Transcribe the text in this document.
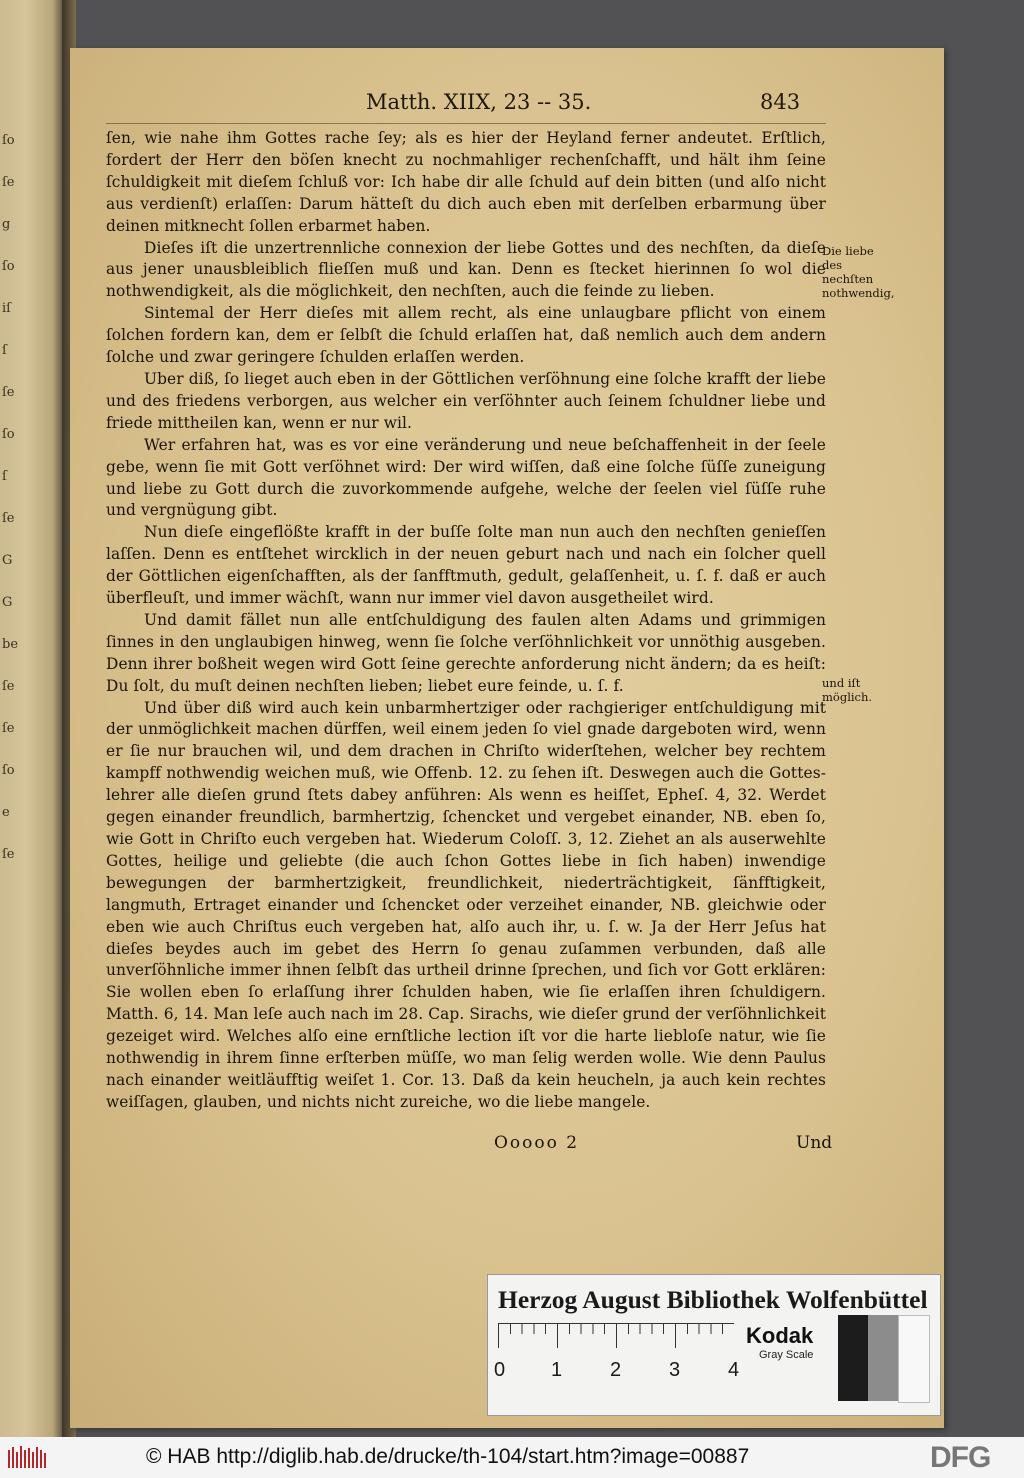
ſo
ſe
g
ſo
iſ
ſ
ſe
ſo
ſ
ſe
G
G
be
ſe
ſe
ſo
e
ſe
Matth. XIIX, 23 -- 35.	843

ſen, wie nahe ihm Gottes rache ſey; als es hier der Heyland ferner andeutet. Erſtlich, fordert der Herr den böſen knecht zu nochmahliger rechenſchafft, und hält ihm ſeine ſchuldigkeit mit dieſem ſchluß vor: Ich habe dir alle ſchuld auf dein bitten (und alſo nicht aus verdienſt) erlaſſen: Darum hätteſt du dich auch eben mit derſelben erbarmung über deinen mitknecht ſollen erbarmet haben.

Dieſes iſt die unzertrennliche connexion der liebe Gottes und des nechſten, da dieſe aus jener unausbleiblich flieſſen muß und kan. Denn es ſtecket hierinnen ſo wol die nothwendigkeit, als die möglichkeit, den nechſten, auch die feinde zu lieben.

Sintemal der Herr dieſes mit allem recht, als eine unlaugbare pflicht von einem ſolchen fordern kan, dem er ſelbſt die ſchuld erlaſſen hat, daß nemlich auch dem andern ſolche und zwar geringere ſchulden erlaſſen werden.

Uber diß, ſo lieget auch eben in der Göttlichen verſöhnung eine ſolche krafft der liebe und des friedens verborgen, aus welcher ein verſöhnter auch ſeinem ſchuldner liebe und friede mittheilen kan, wenn er nur wil.

Wer erfahren hat, was es vor eine veränderung und neue beſchaffenheit in der ſeele gebe, wenn ſie mit Gott verſöhnet wird: Der wird wiſſen, daß eine ſolche ſüſſe zuneigung und liebe zu Gott durch die zuvorkommende aufgehe, welche der ſeelen viel ſüſſe ruhe und vergnügung gibt.

Nun dieſe eingeflößte krafft in der buſſe ſolte man nun auch den nechſten genieſſen laſſen. Denn es entſtehet wircklich in der neuen geburt nach und nach ein ſolcher quell der Göttlichen eigenſchafften, als der ſanfftmuth, gedult, gelaſſenheit, u. ſ. f. daß er auch überfleuſt, und immer wächſt, wann nur immer viel davon ausgetheilet wird.

Und damit fället nun alle entſchuldigung des faulen alten Adams und grimmigen ſinnes in den unglaubigen hinweg, wenn ſie ſolche verſöhnlichkeit vor unnöthig ausgeben. Denn ihrer boßheit wegen wird Gott ſeine gerechte anforderung nicht ändern; da es heiſt: Du ſolt, du muſt deinen nechſten lieben; liebet eure feinde, u. ſ. f.

Und über diß wird auch kein unbarmhertziger oder rachgieriger entſchuldigung mit der unmöglichkeit machen dürffen, weil einem jeden ſo viel gnade dargeboten wird, wenn er ſie nur brauchen wil, und dem drachen in Chriſto widerſtehen, welcher bey rechtem kampff nothwendig weichen muß, wie Offenb. 12. zu ſehen iſt. Deswegen auch die Gottes-lehrer alle dieſen grund ſtets dabey anführen: Als wenn es heiſſet, Epheſ. 4, 32. Werdet gegen einander freundlich, barmhertzig, ſchencket und vergebet einander, NB. eben ſo, wie Gott in Chriſto euch vergeben hat. Wiederum Coloſſ. 3, 12. Ziehet an als auserwehlte Gottes, heilige und geliebte (die auch ſchon Gottes liebe in ſich haben) inwendige bewegungen der barmhertzigkeit, freundlichkeit, niederträchtigkeit, ſänfftigkeit, langmuth, Ertraget einander und ſchencket oder verzeihet einander, NB. gleichwie oder eben wie auch Chriſtus euch vergeben hat, alſo auch ihr, u. ſ. w. Ja der Herr Jeſus hat dieſes beydes auch im gebet des Herrn ſo genau zuſammen verbunden, daß alle unverſöhnliche immer ihnen ſelbſt das urtheil drinne ſprechen, und ſich vor Gott erklären: Sie wollen eben ſo erlaſſung ihrer ſchulden haben, wie ſie erlaſſen ihren ſchuldigern. Matth. 6, 14. Man leſe auch nach im 28. Cap. Sirachs, wie dieſer grund der verſöhnlichkeit gezeiget wird. Welches alſo eine ernſtliche lection iſt vor die harte liebloſe natur, wie ſie nothwendig in ihrem ſinne erſterben müſſe, wo man ſelig werden wolle. Wie denn Paulus nach einander weitläufftig weiſet 1. Cor. 13. Daß da kein heucheln, ja auch kein rechtes weiſſagen, glauben, und nichts nicht zureiche, wo die liebe mangele.

Die liebe des nechſten nothwendig,
und iſt möglich.
Ooooo 2	Und
Herzog August Bibliothek Wolfenbüttel
0 1 2 3 4
Kodak
Gray Scale
© HAB http://diglib.hab.de/drucke/th-104/start.htm?image=00887	DFG
